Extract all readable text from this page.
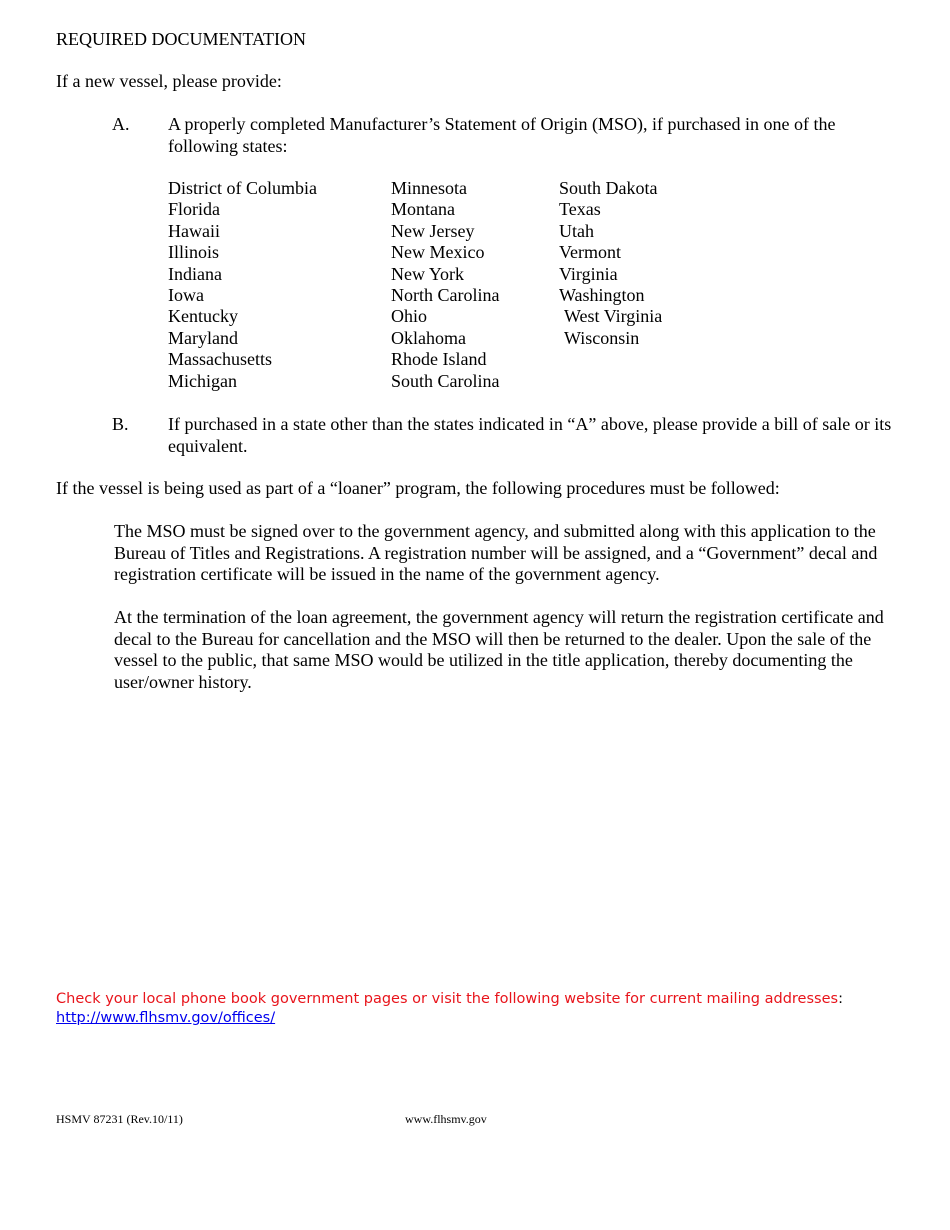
REQUIRED DOCUMENTATION
If a new vessel, please provide:
A. A properly completed Manufacturer’s Statement of Origin (MSO), if purchased in one of the following states:
District of Columbia
Florida
Hawaii
Illinois
Indiana
Iowa
Kentucky
Maryland
Massachusetts
Michigan
Minnesota
Montana
New Jersey
New Mexico
New York
North Carolina
Ohio
Oklahoma
Rhode Island
South Carolina
South Dakota
Texas
Utah
Vermont
Virginia
Washington
West Virginia
Wisconsin
B. If purchased in a state other than the states indicated in “A” above, please provide a bill of sale or its equivalent.
If the vessel is being used as part of a “loaner” program, the following procedures must be followed:
The MSO must be signed over to the government agency, and submitted along with this application to the Bureau of Titles and Registrations. A registration number will be assigned, and a “Government” decal and registration certificate will be issued in the name of the government agency.
At the termination of the loan agreement, the government agency will return the registration certificate and decal to the Bureau for cancellation and the MSO will then be returned to the dealer. Upon the sale of the vessel to the public, that same MSO would be utilized in the title application, thereby documenting the user/owner history.
Check your local phone book government pages or visit the following website for current mailing addresses:
http://www.flhsmv.gov/offices/
HSMV 87231 (Rev.10/11)	www.flhsmv.gov
